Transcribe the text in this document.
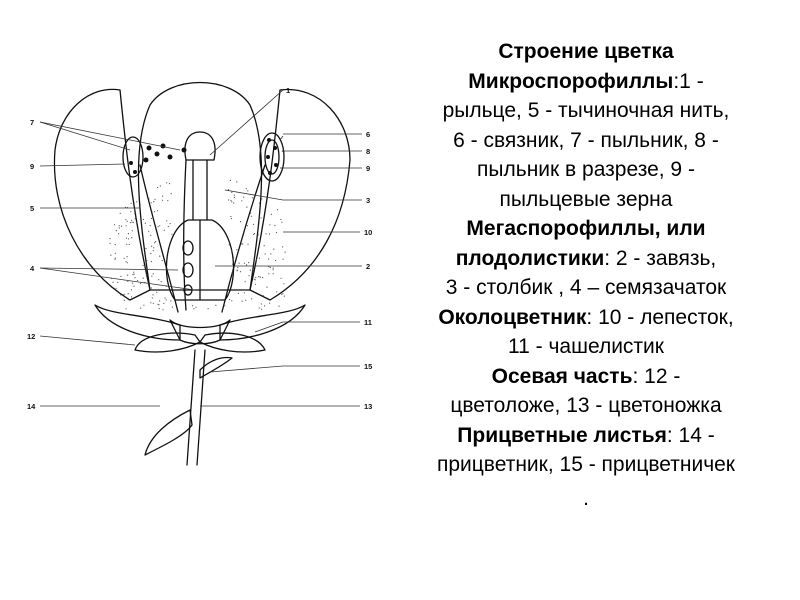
7
9
5
4
12
14
1
6
8
9
3
10
2
11
15
13
Строение цветка
Микроспорофиллы:1 -
рыльце, 5 - тычиночная нить,
6 - связник, 7 - пыльник, 8 -
пыльник в разрезе, 9 -
пыльцевые зерна
Мегаспорофиллы, или
плодолистики: 2 - завязь,
3 - столбик , 4 – семязачаток
Околоцветник: 10 - лепесток,
11 - чашелистик
Осевая часть: 12 -
цветоложе, 13 - цветоножка
Прицветные листья: 14 -
прицветник, 15 - прицветничек
.
